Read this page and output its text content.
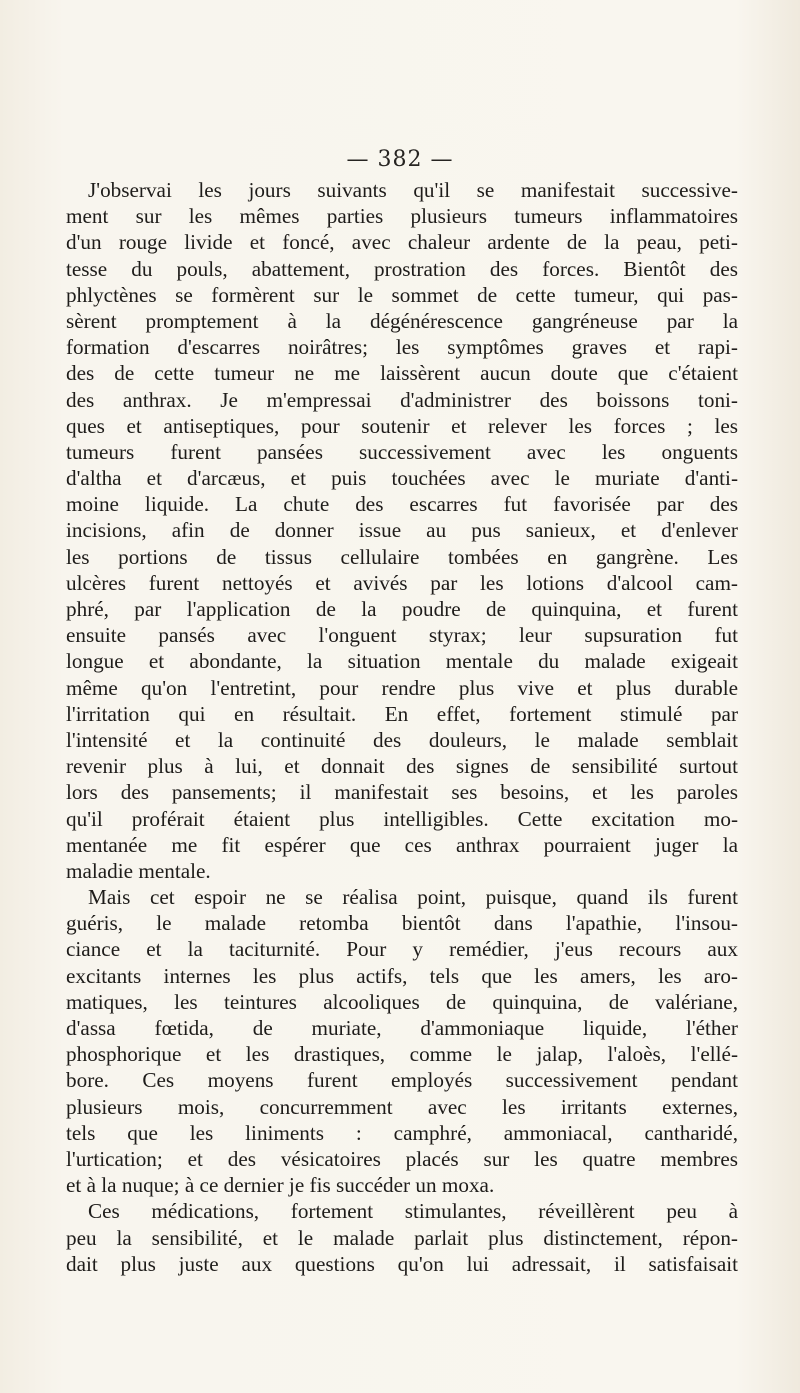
— 382 —
J'observai les jours suivants qu'il se manifestait successive-
ment sur les mêmes parties plusieurs tumeurs inflammatoires
d'un rouge livide et foncé, avec chaleur ardente de la peau, peti-
tesse du pouls, abattement, prostration des forces. Bientôt des
phlyctènes se formèrent sur le sommet de cette tumeur, qui pas-
sèrent promptement à la dégénérescence gangréneuse par la
formation d'escarres noirâtres; les symptômes graves et rapi-
des de cette tumeur ne me laissèrent aucun doute que c'étaient
des anthrax. Je m'empressai d'administrer des boissons toni-
ques et antiseptiques, pour soutenir et relever les forces ; les
tumeurs furent pansées successivement avec les onguents
d'altha et d'arcæus, et puis touchées avec le muriate d'anti-
moine liquide. La chute des escarres fut favorisée par des
incisions, afin de donner issue au pus sanieux, et d'enlever
les portions de tissus cellulaire tombées en gangrène. Les
ulcères furent nettoyés et avivés par les lotions d'alcool cam-
phré, par l'application de la poudre de quinquina, et furent
ensuite pansés avec l'onguent styrax; leur supsuration fut
longue et abondante, la situation mentale du malade exigeait
même qu'on l'entretint, pour rendre plus vive et plus durable
l'irritation qui en résultait. En effet, fortement stimulé par
l'intensité et la continuité des douleurs, le malade semblait
revenir plus à lui, et donnait des signes de sensibilité surtout
lors des pansements; il manifestait ses besoins, et les paroles
qu'il proférait étaient plus intelligibles. Cette excitation mo-
mentanée me fit espérer que ces anthrax pourraient juger la
maladie mentale.
Mais cet espoir ne se réalisa point, puisque, quand ils furent
guéris, le malade retomba bientôt dans l'apathie, l'insou-
ciance et la taciturnité. Pour y remédier, j'eus recours aux
excitants internes les plus actifs, tels que les amers, les aro-
matiques, les teintures alcooliques de quinquina, de valériane,
d'assa fœtida, de muriate, d'ammoniaque liquide, l'éther
phosphorique et les drastiques, comme le jalap, l'aloès, l'ellé-
bore. Ces moyens furent employés successivement pendant
plusieurs mois, concurremment avec les irritants externes,
tels que les liniments : camphré, ammoniacal, cantharidé,
l'urtication; et des vésicatoires placés sur les quatre membres
et à la nuque; à ce dernier je fis succéder un moxa.
Ces médications, fortement stimulantes, réveillèrent peu à
peu la sensibilité, et le malade parlait plus distinctement, répon-
dait plus juste aux questions qu'on lui adressait, il satisfaisait
